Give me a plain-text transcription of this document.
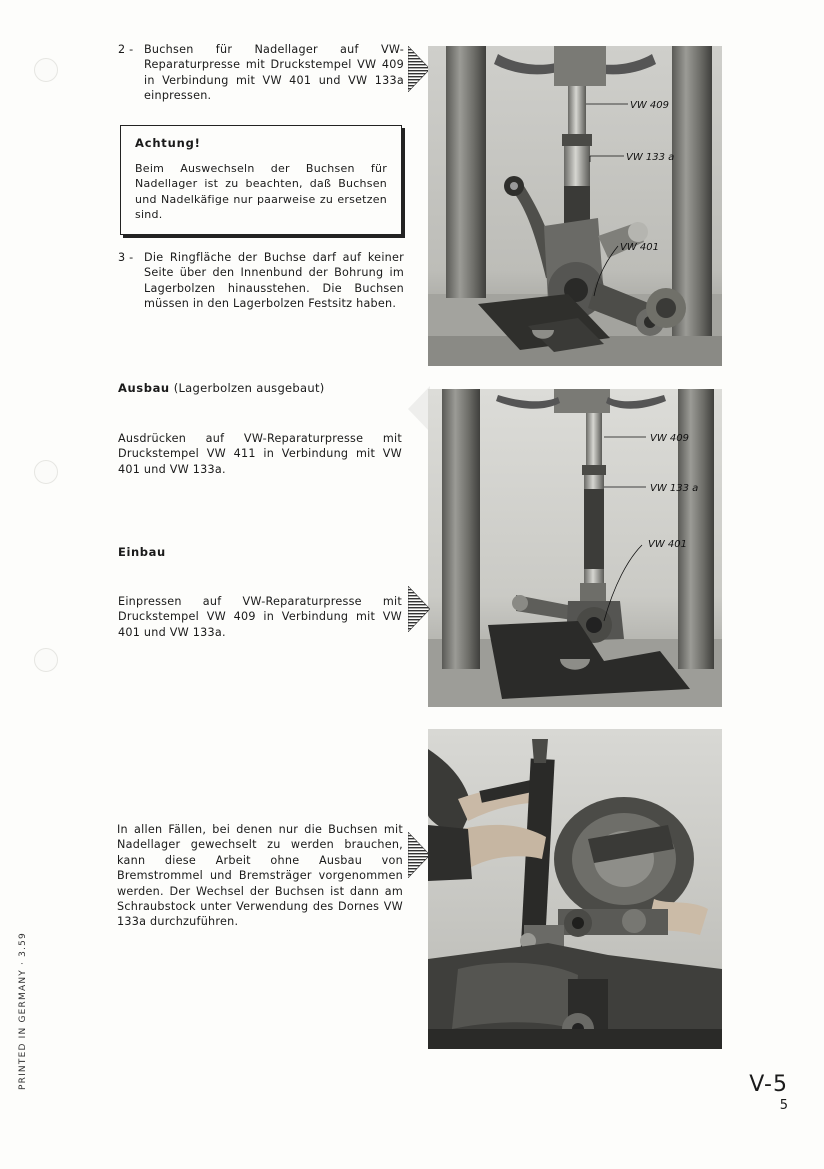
2 - Buchsen für Nadellager auf VW-Reparaturpresse mit Druckstempel VW 409 in Verbindung mit VW 401 und VW 133a einpressen.

Achtung!

Beim Auswechseln der Buchsen für Nadellager ist zu beachten, daß Buchsen und Nadelkäfige nur paarweise zu ersetzen sind.

3 - Die Ringfläche der Buchse darf auf keiner Seite über den Innenbund der Bohrung im Lagerbolzen hinausstehen. Die Buchsen müssen in den Lagerbolzen Festsitz haben.

VW 409
VW 133 a
VW 401
Ausbau (Lagerbolzen ausgebaut)

Ausdrücken auf VW-Reparaturpresse mit Druckstempel VW 411 in Verbindung mit VW 401 und VW 133a.

VW 409
VW 133 a
VW 401
Einbau

Einpressen auf VW-Reparaturpresse mit Druckstempel VW 409 in Verbindung mit VW 401 und VW 133a.

In allen Fällen, bei denen nur die Buchsen mit Nadellager gewechselt zu werden brauchen, kann diese Arbeit ohne Ausbau von Bremstrommel und Bremsträger vorgenommen werden. Der Wechsel der Buchsen ist dann am Schraubstock unter Verwendung des Dornes VW 133a durchzuführen.

PRINTED IN GERMANY · 3.59	V-5
5
